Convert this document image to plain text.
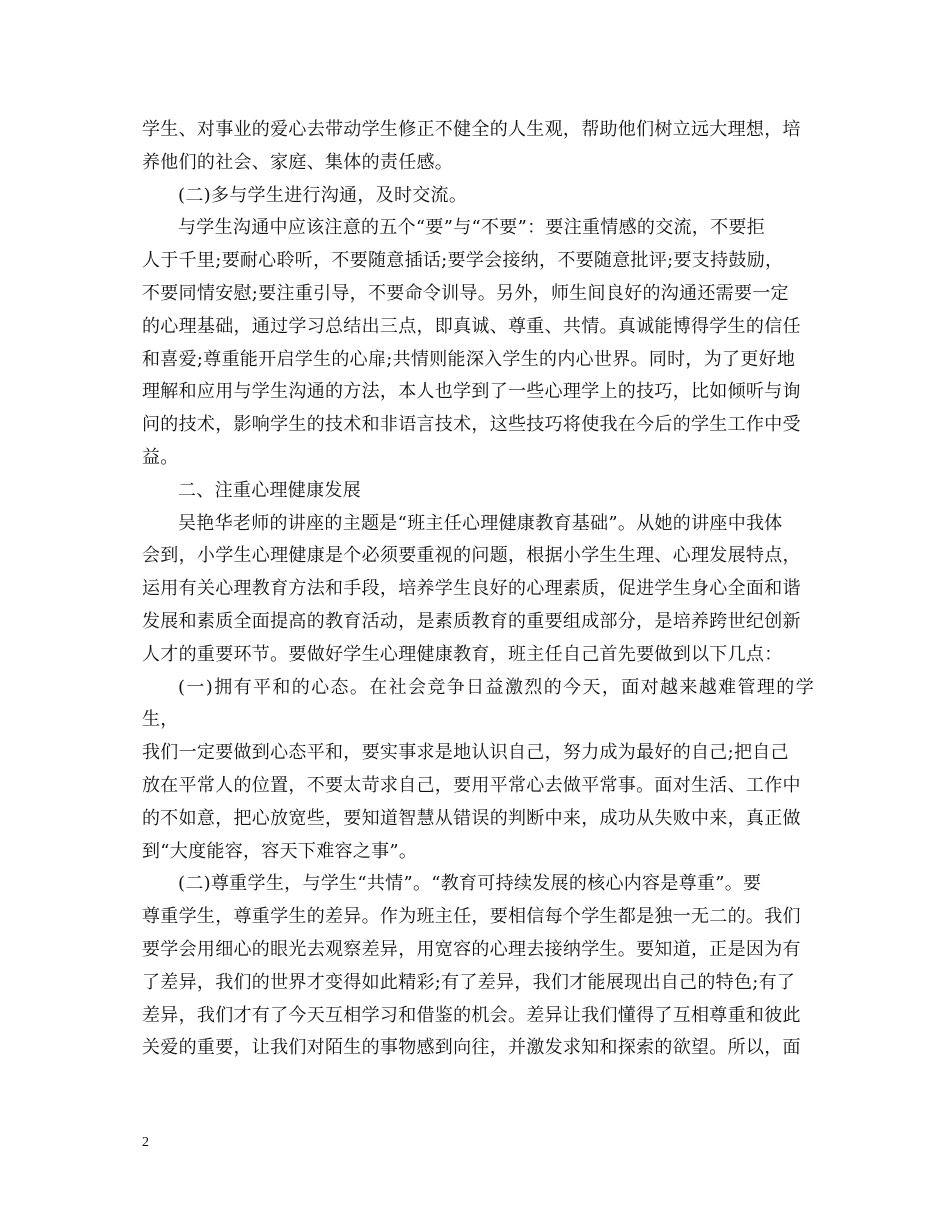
学生、对事业的爱心去带动学生修正不健全的人生观，帮助他们树立远大理想，培
养他们的社会、家庭、集体的责任感。

(二)多与学生进行沟通，及时交流。

与学生沟通中应该注意的五个“要”与“不要”：要注重情感的交流，不要拒
人于千里;要耐心聆听，不要随意插话;要学会接纳，不要随意批评;要支持鼓励，
不要同情安慰;要注重引导，不要命令训导。另外，师生间良好的沟通还需要一定
的心理基础，通过学习总结出三点，即真诚、尊重、共情。真诚能博得学生的信任
和喜爱;尊重能开启学生的心扉;共情则能深入学生的内心世界。同时，为了更好地
理解和应用与学生沟通的方法，本人也学到了一些心理学上的技巧，比如倾听与询
问的技术，影响学生的技术和非语言技术，这些技巧将使我在今后的学生工作中受
益。

二、注重心理健康发展

吴艳华老师的讲座的主题是“班主任心理健康教育基础”。从她的讲座中我体
会到，小学生心理健康是个必须要重视的问题，根据小学生生理、心理发展特点，
运用有关心理教育方法和手段，培养学生良好的心理素质，促进学生身心全面和谐
发展和素质全面提高的教育活动，是素质教育的重要组成部分，是培养跨世纪创新
人才的重要环节。要做好学生心理健康教育，班主任自己首先要做到以下几点：

(一)拥有平和的心态。在社会竞争日益激烈的今天，面对越来越难管理的学生，
我们一定要做到心态平和，要实事求是地认识自己，努力成为最好的自己;把自己
放在平常人的位置，不要太苛求自己，要用平常心去做平常事。面对生活、工作中
的不如意，把心放宽些，要知道智慧从错误的判断中来，成功从失败中来，真正做
到“大度能容，容天下难容之事”。

(二)尊重学生，与学生“共情”。“教育可持续发展的核心内容是尊重”。要
尊重学生，尊重学生的差异。作为班主任，要相信每个学生都是独一无二的。我们
要学会用细心的眼光去观察差异，用宽容的心理去接纳学生。要知道，正是因为有
了差异，我们的世界才变得如此精彩;有了差异，我们才能展现出自己的特色;有了
差异，我们才有了今天互相学习和借鉴的机会。差异让我们懂得了互相尊重和彼此
关爱的重要，让我们对陌生的事物感到向往，并激发求知和探索的欲望。所以，面

2
